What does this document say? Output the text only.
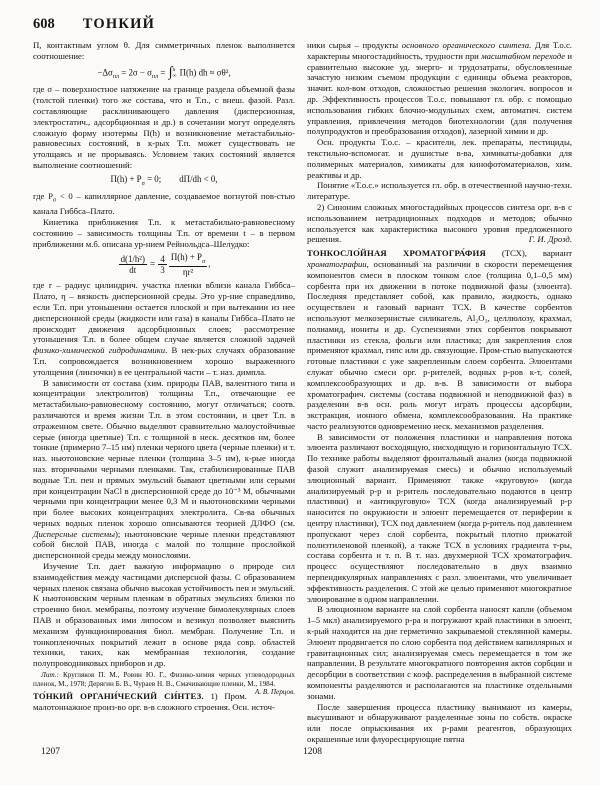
608 ТОНКИЙ

П, контактным углом θ. Для симметричных пленок выполняется соотношение:

$-\Delta\sigma_{пл} = 2\sigma - \sigma_{пл}$ = ∫ h
∞ П(h) dh ≈ σθ²,

где σ – поверхностное натяжение на границе раздела объемной фазы (толстой пленки) того же состава, что и Т.п., с внеш. фазой. Разл. составляющие расклинивающего давления (дисперсионная, электростатич., адсорбционная и др.) в сочетании могут определять сложную форму изотермы П(h) и возникновение метастабильно-равновесных состояний, в к-рых Т.п. может существовать не утолщаясь и не прорываясь. Условием таких состояний является выполнение соотношений:

$П(h) + P_\sigma = 0$; dП/dh < 0,

где $P_\sigma < 0$ – капиллярное давление, создаваемое вогнутой пов-стью канала Гиббса–Плато.

Кинетика приближения Т.п. к метастабильно-равновесному состоянию – зависимость толщины Т.п. от времени t – в первом приближении м.б. описана ур-нием Рейнольдса–Шелудко:

$\frac{\text{d(1/h²)}}{dt} = \frac{4}{3} \frac{П(h) + P_\sigma}{\text{ηr²}}$ ,

где r – радиус цилиндрич. участка пленки вблизи канала Гиббса–Плато, η – вязкость дисперсионной среды. Это ур-ние справедливо, если Т.п. при утоньшении остается плоской и при вытекании из нее дисперсионной среды (жидкости или газа) в каналы Гиббса–Плато не происходит движения адсорбционных слоев; рассмотрение утоньшения Т.п. в более общем случае является сложной задачей физико-химической гидродинамики. В нек-рых случаях образование Т.п. сопровождается возникновением хорошо выраженного утолщения (линзочки) в ее центральной части – т. наз. димпла.

В зависимости от состава (хим. природы ПАВ, валентного типа и концентрации электролитов) толщины Т.п., отвечающие ее метастабильно-равновесному состоянию, могут отличаться; соотв. различаются и время жизни Т.п. в этом состоянии, и цвет Т.п. в отраженном свете. Обычно выделяют сравнительно малоустойчивые серые (иногда цветные) Т.п. с толщиной в неск. десятков нм, более тонкие (примерно 7–15 нм) пленки черного цвета (черные пленки) и т. наз. ньютоновские черные пленки (толщина 3–5 нм), к-рые иногда наз. вторичными черными пленками. Так, стабилизированные ПАВ водные Т.п. пен и прямых эмульсий бывают цветными или серыми при концентрации NaCl в дисперсионной среде до 10⁻³ М, обычными черными при концентрации менее 0,3 М и ньютоновскими черными при более высоких концентрациях электролита. Св-ва обычных черных водных пленок хорошо описываются теорией ДЛФО (см. Дисперсные системы); ньютоновские черные пленки представляют собой бислой ПАВ, иногда с малой по толщине прослойкой дисперсионной среды между монослоями.

Изучение Т.п. дает важную информацию о природе сил взаимодействия между частицами дисперсной фазы. С образованием черных пленок связана обычно высокая устойчивость пен и эмульсий. К ньютоновским черным пленкам в обратных эмульсиях близки по строению биол. мембраны, поэтому изучение бимолекулярных слоев ПАВ и образованных ими липосом и везикул позволяет выяснить механизм функционирования биол. мембран. Получение Т.п. и тонкопленочных покрытий лежит в основе ряда совр. областей техники, таких, как мембранная технология, создание полупроводниковых приборов и др.

Лит.: Кругляков П. М., Ровин Ю. Г., Физико-химия черных углеводородных пленок, М., 1978; Дерягин Б. В., Чураев Н. В., Смачивающие пленки, М., 1984.
А. В. Перцов.

ТО́НКИЙ ОРГАНИ́ЧЕСКИЙ СИ́НТЕЗ. 1) Пром. малотоннажное произ-во орг. в-в сложного строения. Осн. источ-

ники сырья – продукты основного органического синтеза. Для Т.о.с. характерны многостадийность, трудности при масштабном переходе и сравнительно высокие уд. энерго- и трудозатраты, обусловленные зачастую низким съемом продукции с единицы объема реакторов, значит. кол-вом отходов, сложностью решения экологич. вопросов и др. Эффективность процессов Т.о.с. повышают гл. обр. с помощью использования гибких блочно-модульных схем, автоматич. систем управления, привлечения методов биотехнологии (для получения полупродуктов и преобразования отходов), лазерной химии и др.

Осн. продукты Т.о.с. – красители, лек. препараты, пестициды, текстильно-вспомогат. и душистые в-ва, химикаты-добавки для полимерных материалов, химикаты для кинофотоматериалов, хим. реактивы и др.

Понятие «Т.о.с.» используется гл. обр. в отечественной научно-техн. литературе.

2) Синоним сложных многостадийных процессов синтеза орг. в-в с использованием нетрадиционных подходов и методов; обычно используется как характеристика высокого уровня предложенного решения.	Г. И. Дрозд.

ТОНКОСЛО́ЙНАЯ ХРОМАТОГРА́ФИЯ (ТСХ), вариант хроматографии, основанный на различии в скорости перемещения компонентов смеси в плоском тонком слое (толщина 0,1–0,5 мм) сорбента при их движении в потоке подвижной фазы (элюента). Последняя представляет собой, как правило, жидкость, однако осуществлен и газовый вариант ТСХ. В качестве сорбентов используют мелкозернистые силикагель, Al₂O₃, целлюлозу, крахмал, полиамид, иониты и др. Суспензиями этих сорбентов покрывают пластинки из стекла, фольги или пластика; для закрепления слоя применяют крахмал, гипс или др. связующие. Пром-стью выпускаются готовые пластинки с уже закрепленным слоем сорбента. Элюентами служат обычно смеси орг. р-рителей, водных р-ров к-т, солей, комплексообразующих и др. в-в. В зависимости от выбора хроматографич. системы (состава подвижной и неподвижной фаз) в разделении в-в осн. роль могут играть процессы адсорбции, экстракция, ионного обмена, комплексообразования. На практике часто реализуются одновременно неск. механизмов разделения.

В зависимости от положения пластинки и направления потока элюента различают восходящую, нисходящую и горизонтальную ТСХ. По технике работы выделяют фронтальный анализ (когда подвижной фазой служит анализируемая смесь) и обычно используемый элюционный вариант. Применяют также «круговую» (когда анализируемый р-р и р-ритель последовательно подаются в центр пластинки) и «антикруговую» ТСХ (когда анализируемый р-р наносится по окружности и элюент перемещается от периферии к центру пластинки), ТСХ под давлением (когда р-ритель под давлением пропускают через слой сорбента, покрытый плотно прижатой полиэтиленовой пленкой), а также ТСХ в условиях градиента т-ры, состава сорбента и т. п. В т. наз. двухмерной ТСХ хроматографич. процесс осуществляют последовательно в двух взаимно перпендикулярных направлениях с разл. элюентами, что увеличивает эффективность разделения. С этой же целью применяют многократное элюирование в одном направлении.

В элюционном варианте на слой сорбента наносят капли (объемом 1–5 мкл) анализируемого р-ра и погружают край пластинки в элюент, к-рый находится на дне герметично закрываемой стеклянной камеры. Элюент продвигается по слою сорбента под действием капиллярных и гравитационных сил; анализируемая смесь перемещается в том же направлении. В результате многократного повторения актов сорбции и десорбции в соответствии с коэф. распределения в выбранной системе компоненты разделяются и располагаются на пластинке отдельными зонами.

После завершения процесса пластинку вынимают из камеры, высушивают и обнаруживают разделенные зоны по собств. окраске или после опрыскивания их р-рами реагентов, образующих окрашенные или флуоресцирующие пятна

1207	1208
